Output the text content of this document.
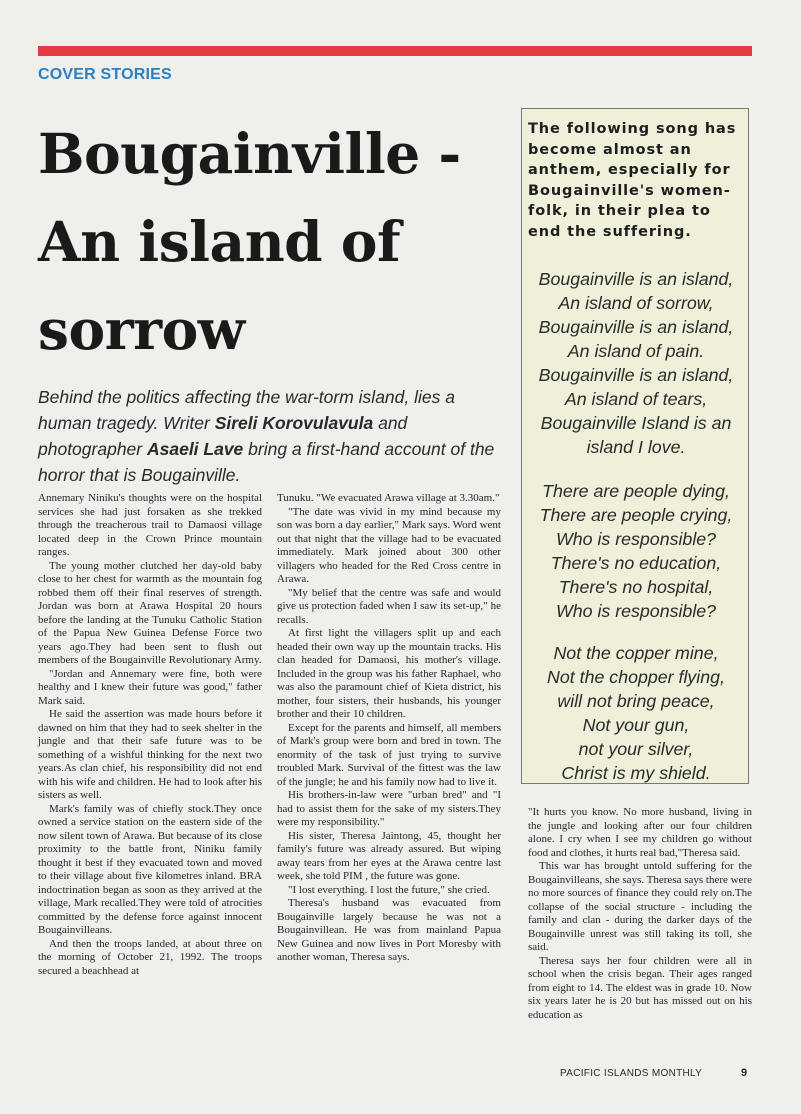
COVER STORIES
Bougainville -
An island of
sorrow

Behind the politics affecting the war-torm island, lies a human tragedy. Writer Sireli Korovulavula and photographer Asaeli Lave bring a first-hand account of the horror that is Bougainville.

The following song has become almost an anthem, especially for Bougainville's women-folk, in their plea to end the suffering.

Bougainville is an island,
An island of sorrow,
Bougainville is an island,
An island of pain.
Bougainville is an island,
An island of tears,
Bougainville Island is an
island I love.
There are people dying,
There are people crying,
Who is responsible?
There's no education,
There's no hospital,
Who is responsible?
Not the copper mine,
Not the chopper flying,
will not bring peace,
Not your gun,
not your silver,
Christ is my shield.

Annemary Niniku's thoughts were on the hospital services she had just forsaken as she trekked through the treacherous trail to Damaosi village located deep in the Crown Prince mountain ranges.

The young mother clutched her day-old baby close to her chest for warmth as the mountain fog robbed them off their final reserves of strength. Jordan was born at Arawa Hospital 20 hours before the landing at the Tunuku Catholic Station of the Papua New Guinea Defense Force two years ago.They had been sent to flush out members of the Bougainville Revolutionary Army.

"Jordan and Annemary were fine, both were healthy and I knew their future was good," father Mark said.

He said the assertion was made hours before it dawned on him that they had to seek shelter in the jungle and that their safe future was to be something of a wishful thinking for the next two years.As clan chief, his responsibility did not end with his wife and children. He had to look after his sisters as well.

Mark's family was of chiefly stock.They once owned a service station on the eastern side of the now silent town of Arawa. But because of its close proximity to the battle front, Niniku family thought it best if they evacuated town and moved to their village about five kilometres inland. BRA indoctrination began as soon as they arrived at the village, Mark recalled.They were told of atrocities committed by the defense force against innocent Bougainvilleans.

And then the troops landed, at about three on the morning of October 21, 1992. The troops secured a beachhead at

Tunuku. "We evacuated Arawa village at 3.30am."

"The date was vivid in my mind because my son was born a day earlier," Mark says. Word went out that night that the village had to be evacuated immediately. Mark joined about 300 other villagers who headed for the Red Cross centre in Arawa.

"My belief that the centre was safe and would give us protection faded when I saw its set-up," he recalls.

At first light the villagers split up and each headed their own way up the mountain tracks. His clan headed for Damaosi, his mother's village. Included in the group was his father Raphael, who was also the paramount chief of Kieta district, his mother, four sisters, their husbands, his younger brother and their 10 children.

Except for the parents and himself, all members of Mark's group were born and bred in town. The enormity of the task of just trying to survive troubled Mark. Survival of the fittest was the law of the jungle; he and his family now had to live it.

His brothers-in-law were "urban bred" and "I had to assist them for the sake of my sisters.They were my responsibility."

His sister, Theresa Jaintong, 45, thought her family's future was already assured. But wiping away tears from her eyes at the Arawa centre last week, she told PIM , the future was gone.

"I lost everything. I lost the future," she cried.

Theresa's husband was evacuated from Bougainville largely because he was not a Bougainvillean. He was from mainland Papua New Guinea and now lives in Port Moresby with another woman, Theresa says.

"It hurts you know. No more husband, living in the jungle and looking after our four children alone. I cry when I see my children go without food and clothes, it hurts real bad,"Theresa said.

This war has brought untold suffering for the Bougainvilleans, she says. Theresa says there were no more sources of finance they could rely on.The collapse of the social structure - including the family and clan - during the darker days of the Bougainville unrest was still taking its toll, she said.

Theresa says her four children were all in school when the crisis began. Their ages ranged from eight to 14. The eldest was in grade 10. Now six years later he is 20 but has missed out on his education as

PACIFIC ISLANDS MONTHLY	9
